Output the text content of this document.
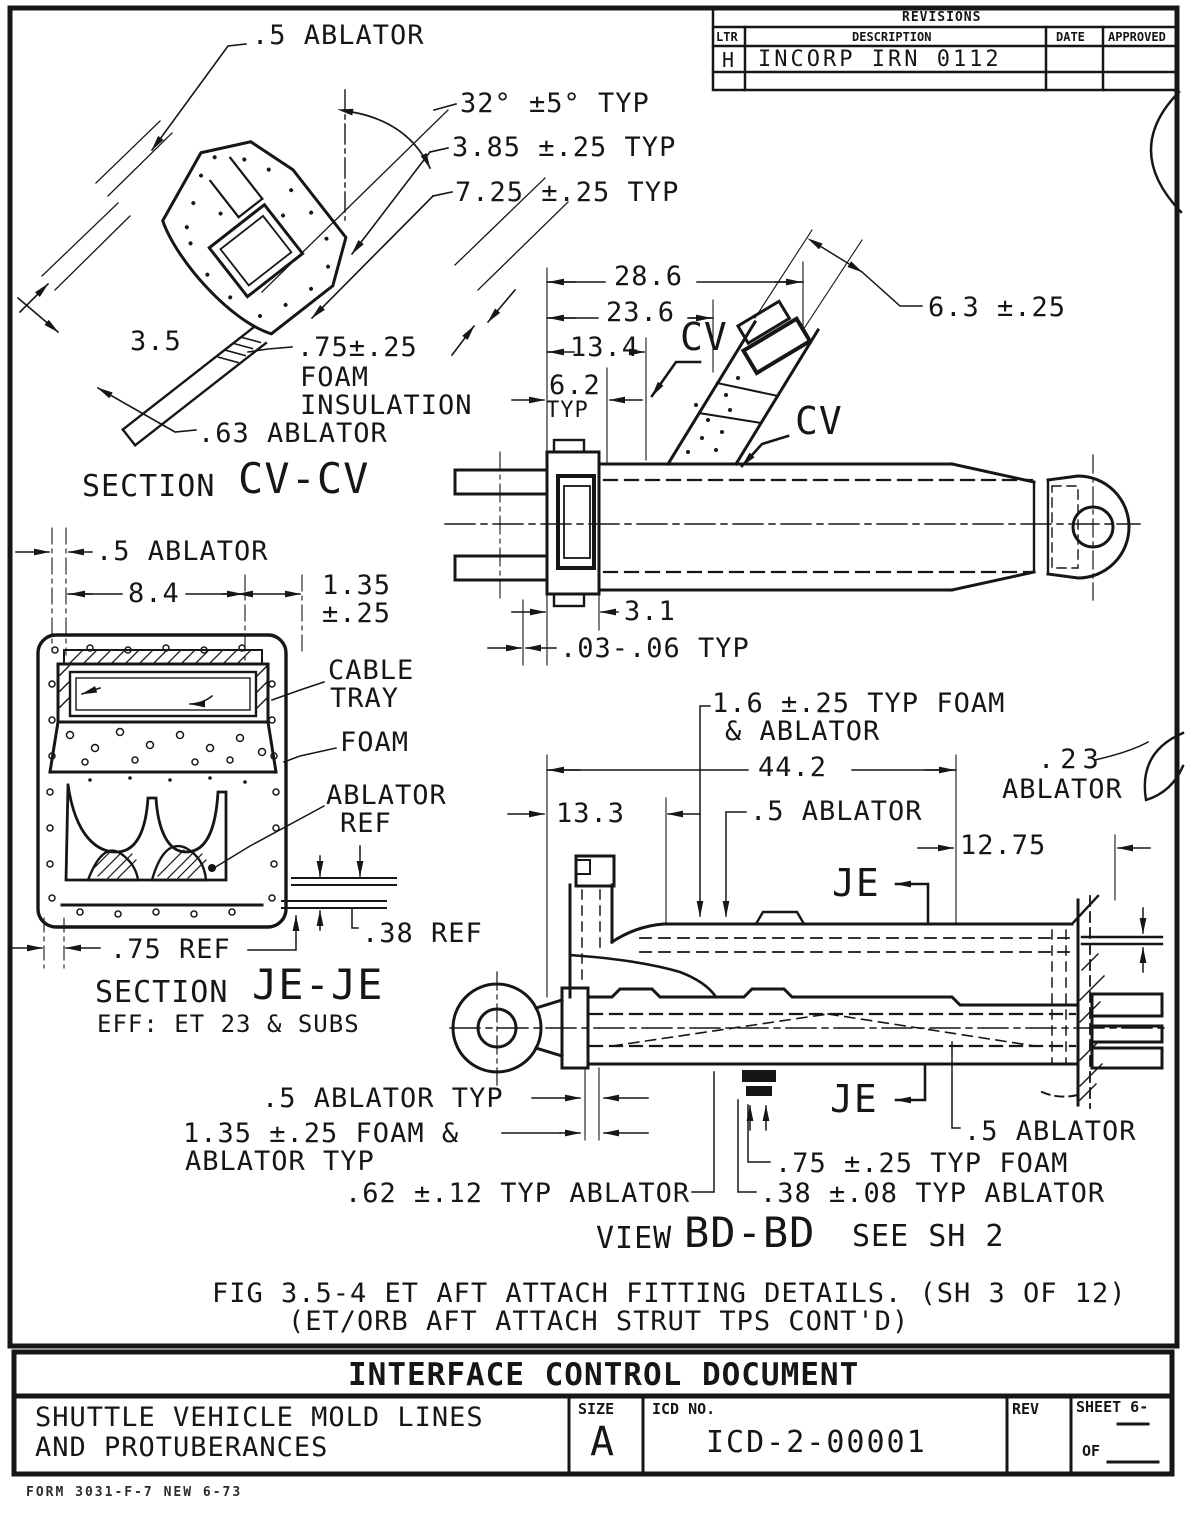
REVISIONS
LTR	DESCRIPTION	DATE APPROVED
H INCORP IRN 0112
.5 ABLATOR
32° ±5° TYP
3.85 ±.25 TYP
7.25 ±.25 TYP
3.5	.75±.25
FOAM
INSULATION
.63 ABLATOR
SECTION CV-CV
28.6
23.6
13.4 CV
6.2
TYP	CV
6.3 ±.25
3.1
.03-.06 TYP
.5 ABLATOR
8.4	1.35
±.25
CABLE
TRAY
FOAM
ABLATOR
REF
.38 REF
.75 REF
SECTION JE-JE
EFF: ET 23 & SUBS
1.6 ±.25 TYP FOAM
& ABLATOR
44.2	.23
ABLATOR
13.3	.5 ABLATOR
12.75
JE
JE
.5 ABLATOR TYP
1.35 ±.25 FOAM &
ABLATOR TYP
.62 ±.12 TYP ABLATOR
.5 ABLATOR
.75 ±.25 TYP FOAM
.38 ±.08 TYP ABLATOR
VIEW BD-BD SEE SH 2
FIG 3.5-4 ET AFT ATTACH FITTING DETAILS. (SH 3 OF 12)
(ET/ORB AFT ATTACH STRUT TPS CONT'D)
INTERFACE CONTROL DOCUMENT
SHUTTLE VEHICLE MOLD LINES
AND PROTUBERANCES
SIZE
A
ICD NO.
ICD-2-00001
REV SHEET 6-
OF
FORM 3031-F-7 NEW 6-73
